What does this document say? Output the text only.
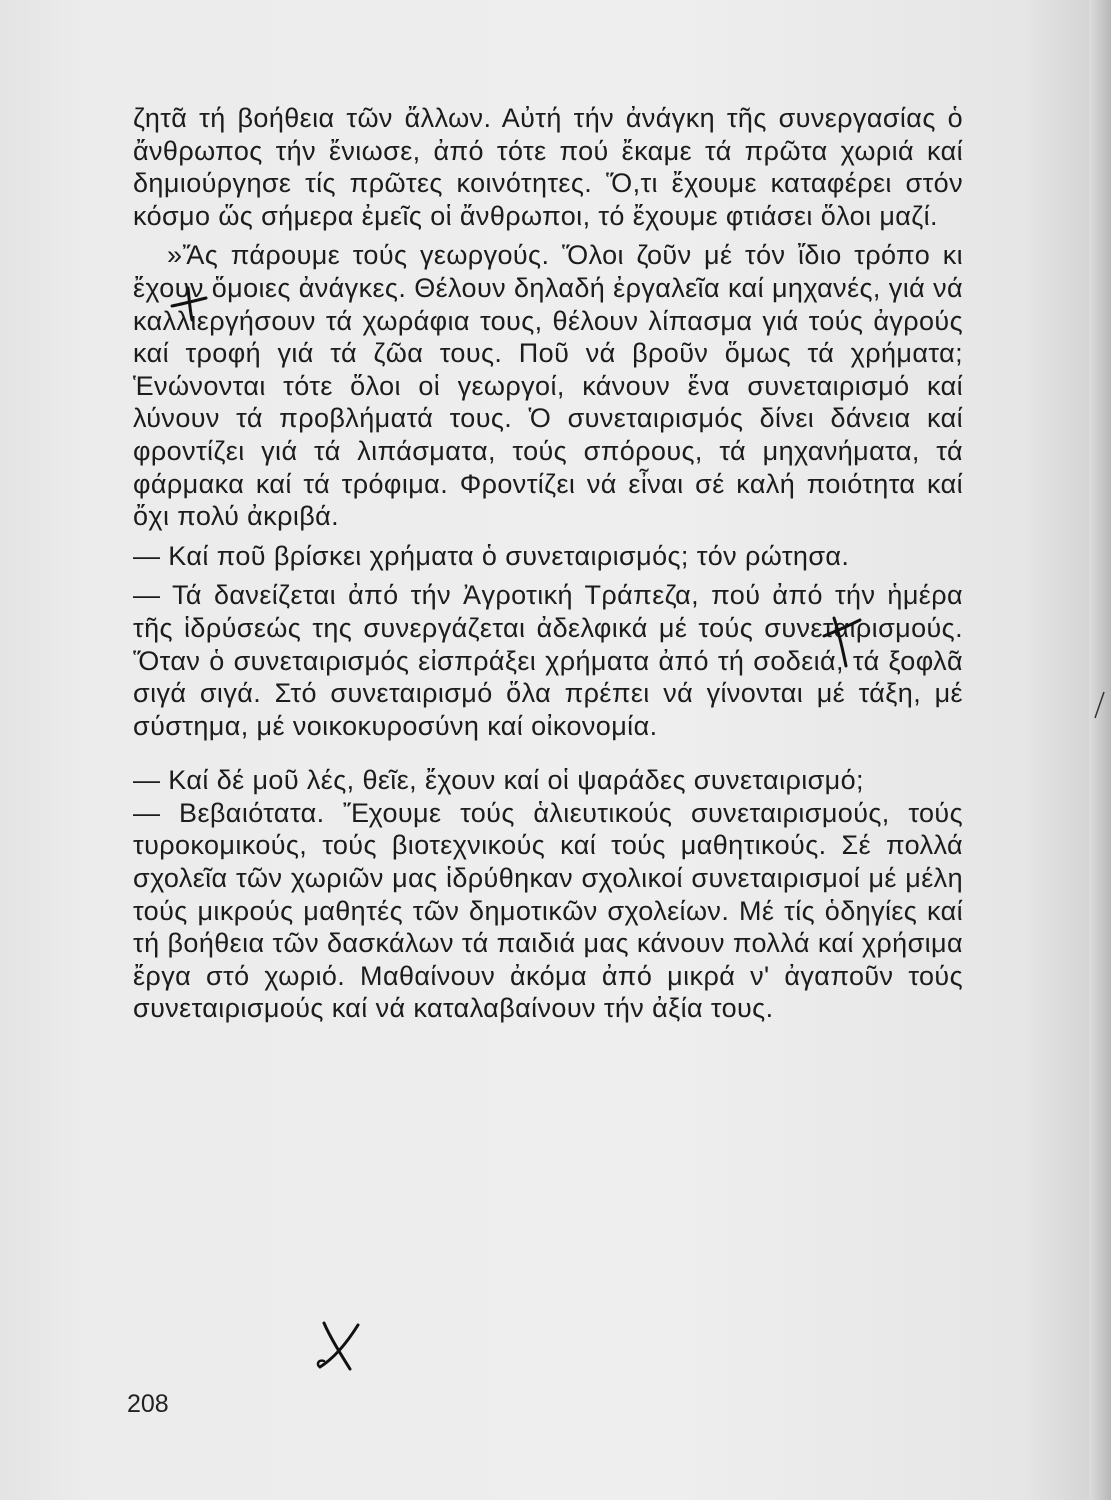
ζητᾶ τή βοήθεια τῶν ἄλλων. Αὐτή τήν ἀνάγκη τῆς συνεργασίας ὁ ἄνθρωπος τήν ἔνιωσε, ἀπό τότε πού ἔκαμε τά πρῶτα χωριά καί δημιούργησε τίς πρῶτες κοινότητες. Ὅ,τι ἔχουμε καταφέρει στόν κόσμο ὥς σήμερα ἐμεῖς οἱ ἄνθρωποι, τό ἔχουμε φτιάσει ὅλοι μαζί.

»Ἄς πάρουμε τούς γεωργούς. Ὅλοι ζοῦν μέ τόν ἴδιο τρόπο κι ἔχουν ὅμοιες ἀνάγκες. Θέλουν δηλαδή ἐργαλεῖα καί μηχανές, γιά νά καλλιεργήσουν τά χωράφια τους, θέλουν λίπασμα γιά τούς ἀγρούς καί τροφή γιά τά ζῶα τους. Ποῦ νά βροῦν ὅμως τά χρήματα; Ἑνώνονται τότε ὅλοι οἱ γεωργοί, κάνουν ἕνα συνεταιρισμό καί λύνουν τά προβλήματά τους. Ὁ συνεταιρισμός δίνει δάνεια καί φροντίζει γιά τά λιπάσματα, τούς σπόρους, τά μηχανήματα, τά φάρμακα καί τά τρόφιμα. Φροντίζει νά εἶναι σέ καλή ποιότητα καί ὄχι πολύ ἀκριβά.

— Καί ποῦ βρίσκει χρήματα ὁ συνεταιρισμός; τόν ρώτησα.

— Τά δανείζεται ἀπό τήν Ἀγροτική Τράπεζα, πού ἀπό τήν ἡμέρα τῆς ἱδρύσεώς της συνεργάζεται ἀδελφικά μέ τούς συνεταιρισμούς. Ὅταν ὁ συνεταιρισμός εἰσπράξει χρήματα ἀπό τή σοδειά, τά ξοφλᾶ σιγά σιγά. Στό συνεταιρισμό ὅλα πρέπει νά γίνονται μέ τάξη, μέ σύστημα, μέ νοικοκυροσύνη καί οἰκονομία.

— Καί δέ μοῦ λές, θεῖε, ἔχουν καί οἱ ψαράδες συνεταιρισμό;

— Βεβαιότατα. Ἔχουμε τούς ἁλιευτικούς συνεταιρισμούς, τούς τυροκομικούς, τούς βιοτεχνικούς καί τούς μαθητικούς. Σέ πολλά σχολεῖα τῶν χωριῶν μας ἱδρύθηκαν σχολικοί συνεταιρισμοί μέ μέλη τούς μικρούς μαθητές τῶν δημοτικῶν σχολείων. Μέ τίς ὁδηγίες καί τή βοήθεια τῶν δασκάλων τά παιδιά μας κάνουν πολλά καί χρήσιμα ἔργα στό χωριό. Μαθαίνουν ἀκόμα ἀπό μικρά ν' ἀγαποῦν τούς συνεταιρισμούς καί νά καταλαβαίνουν τήν ἀξία τους.

208
